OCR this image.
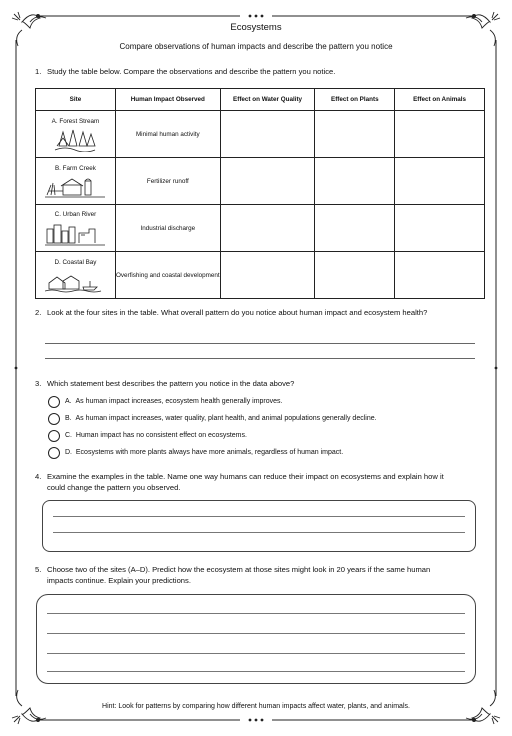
Ecosystems
Compare observations of human impacts and describe the pattern you notice
1. Study the table below. Compare the observations and describe the pattern you notice.
Site	Human Impact Observed	Effect on Water Quality	Effect on Plants	Effect on Animals

A. Forest Stream	Minimal human activity			

B. Farm Creek	Fertilizer runoff			

C. Urban River	Industrial discharge			

D. Coastal Bay	Overfishing and coastal development			
2. Look at the four sites in the table. What overall pattern do you notice about human impact and ecosystem health?
3. Which statement best describes the pattern you notice in the data above?
A. As human impact increases, ecosystem health generally improves.
B. As human impact increases, water quality, plant health, and animal populations generally decline.
C. Human impact has no consistent effect on ecosystems.
D. Ecosystems with more plants always have more animals, regardless of human impact.
4. Examine the examples in the table. Name one way humans can reduce their impact on ecosystems and explain how it could change the pattern you observed.
5. Choose two of the sites (A–D). Predict how the ecosystem at those sites might look in 20 years if the same human impacts continue. Explain your predictions.
Hint: Look for patterns by comparing how different human impacts affect water, plants, and animals.
